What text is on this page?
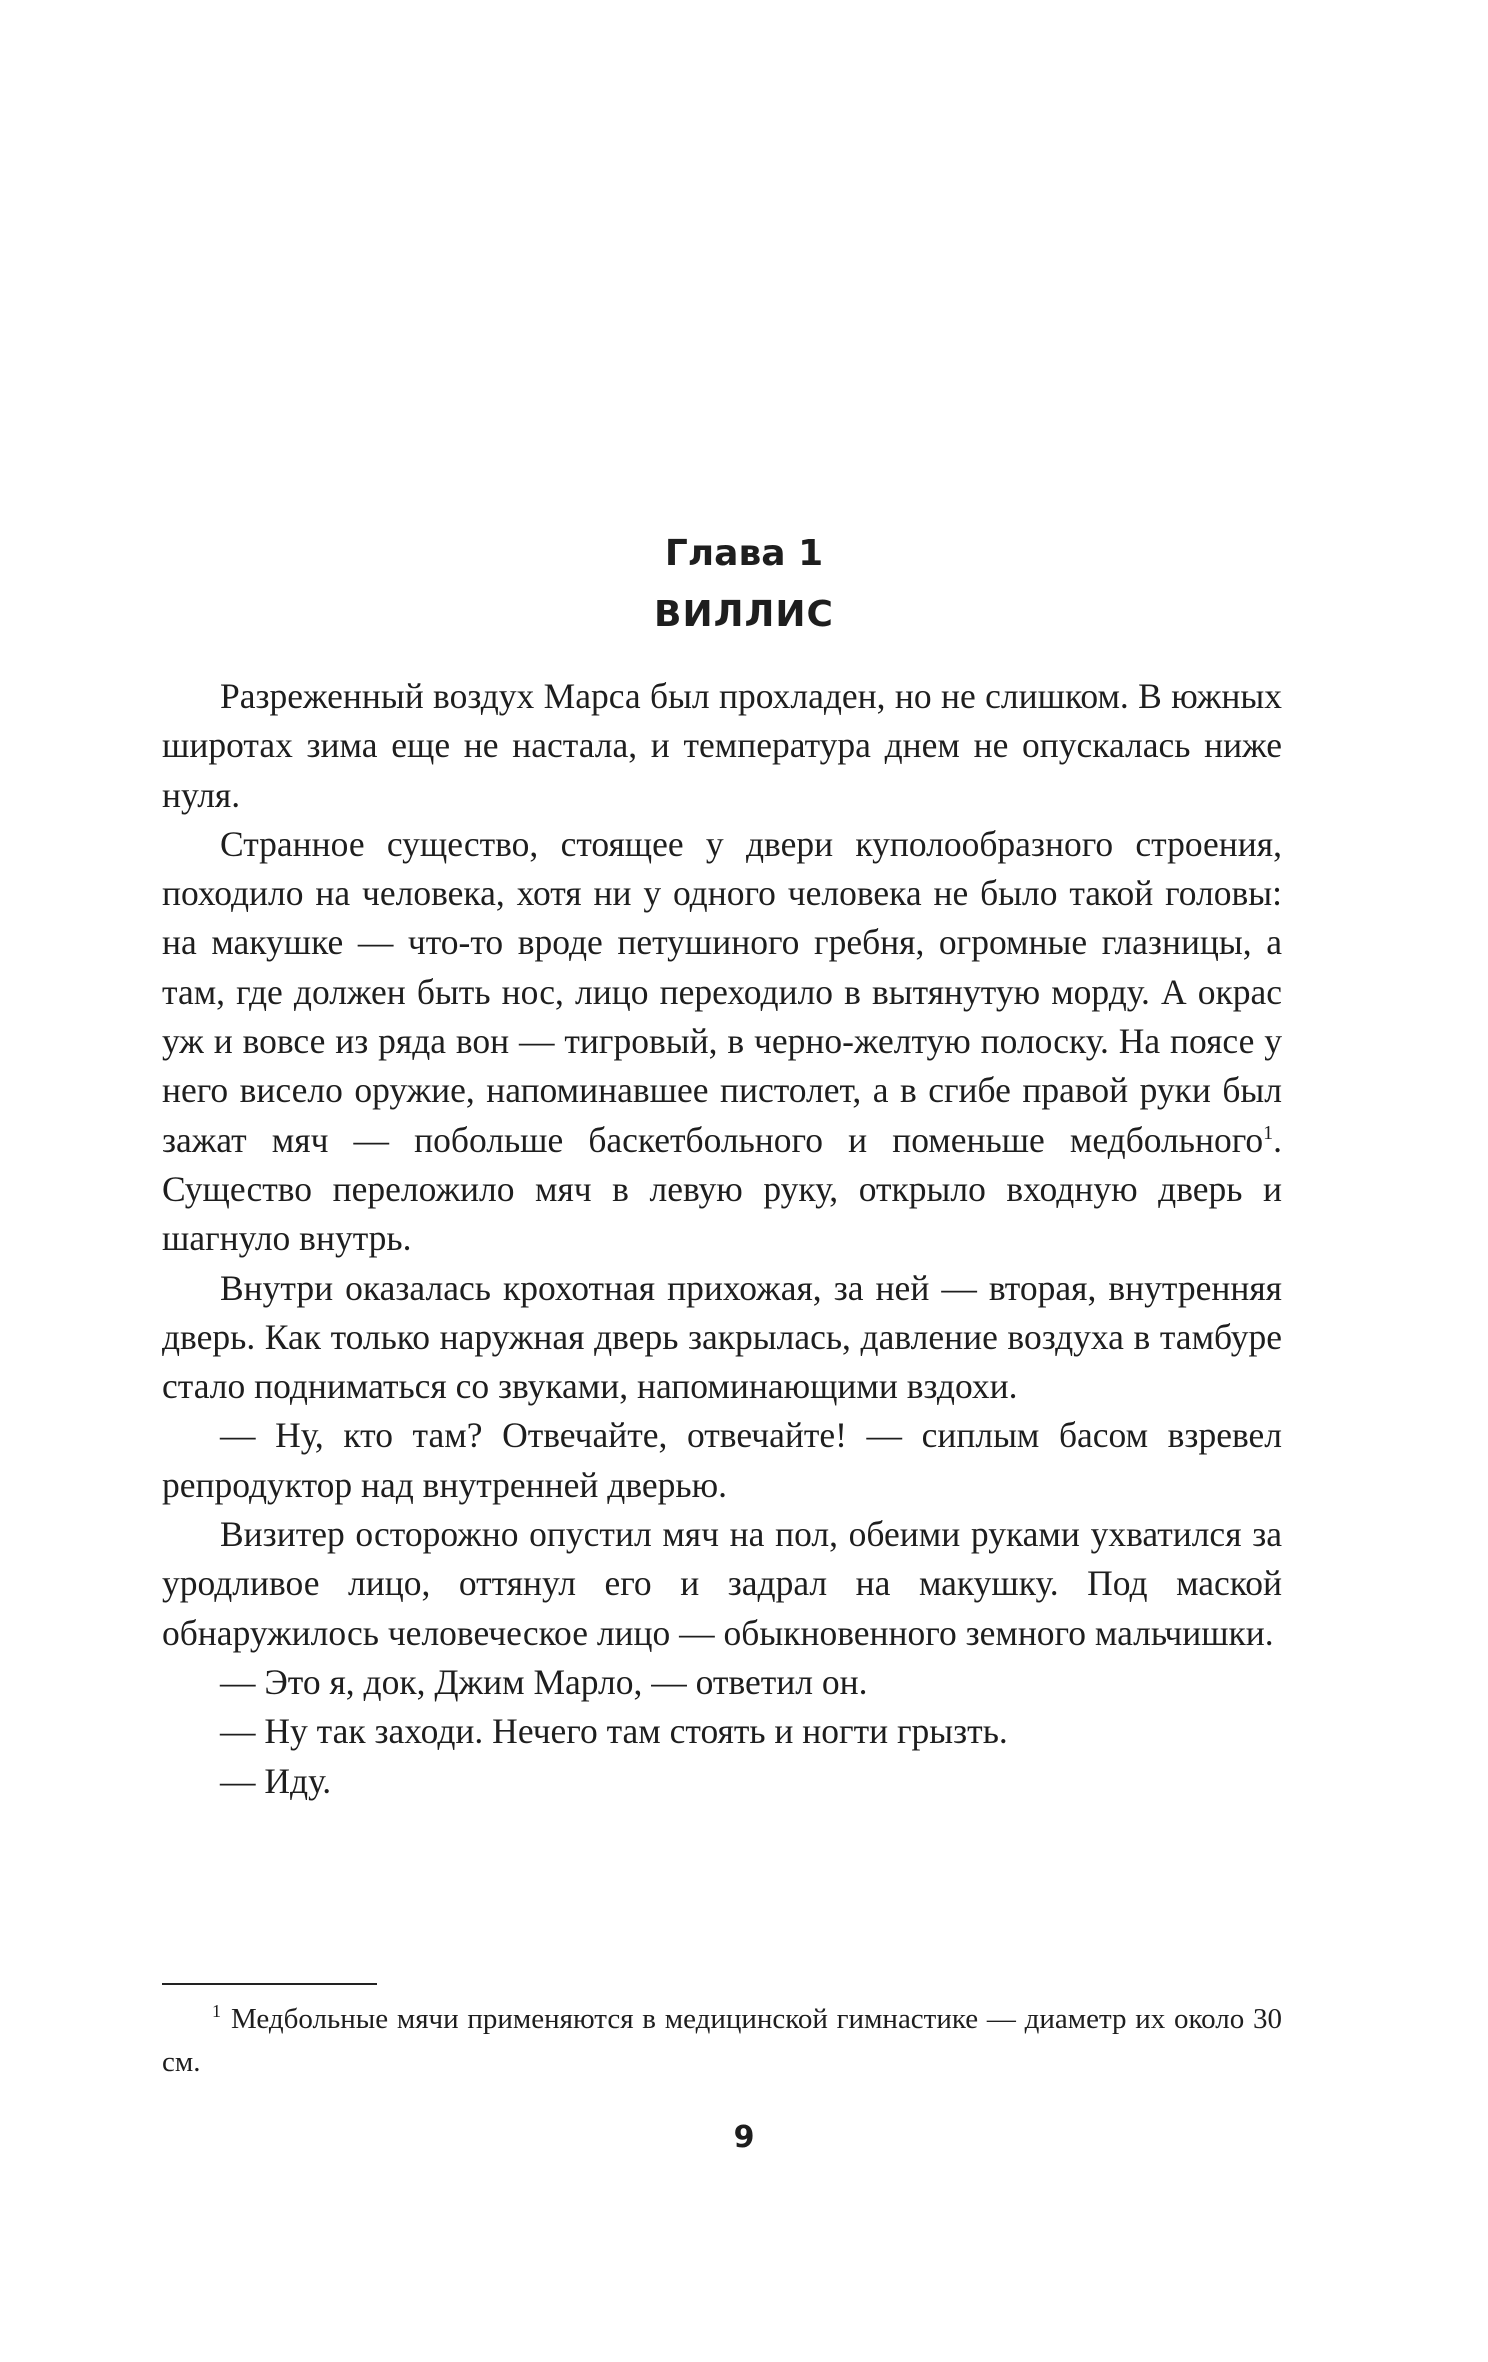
Глава 1
ВИЛЛИС

Разреженный воздух Марса был прохладен, но не слишком. В южных широтах зима еще не настала, и температура днем не опускалась ниже нуля.

Странное существо, стоящее у двери куполообразного строения, походило на человека, хотя ни у одного человека не было такой головы: на макушке — что-то вроде петушиного гребня, огромные глазницы, а там, где должен быть нос, лицо переходило в вытянутую морду. А окрас уж и вовсе из ряда вон — тигровый, в черно-желтую полоску. На поясе у него висело оружие, напоминавшее пистолет, а в сгибе правой руки был зажат мяч — побольше баскетбольного и поменьше медбольного$^1$. Существо переложило мяч в левую руку, открыло входную дверь и шагнуло внутрь.

Внутри оказалась крохотная прихожая, за ней — вторая, внутренняя дверь. Как только наружная дверь закрылась, давление воздуха в тамбуре стало подниматься со звуками, напоминающими вздохи.

— Ну, кто там? Отвечайте, отвечайте! — сиплым басом взревел репродуктор над внутренней дверью.

Визитер осторожно опустил мяч на пол, обеими руками ухватился за уродливое лицо, оттянул его и задрал на макушку. Под маской обнаружилось человеческое лицо — обыкновенного земного мальчишки.

— Это я, док, Джим Марло, — ответил он.

— Ну так заходи. Нечего там стоять и ногти грызть.

— Иду.

$^1$ Медбольные мячи применяются в медицинской гимнастике — диаметр их около 30 см.
9
